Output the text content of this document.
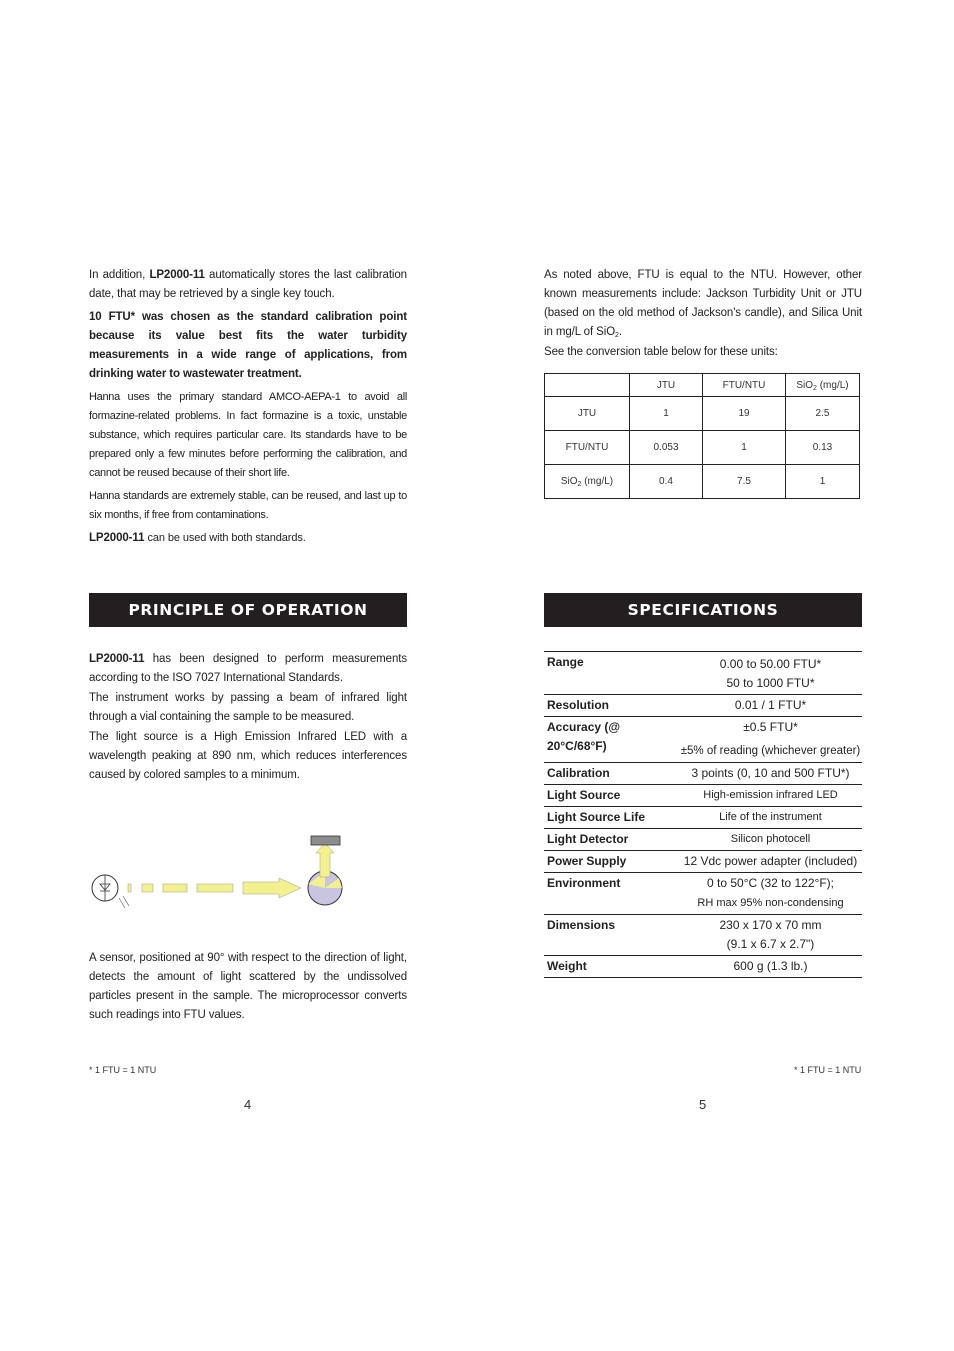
In addition, LP2000-11 automatically stores the last calibration date, that may be retrieved by a single key touch.

10 FTU* was chosen as the standard calibration point because its value best fits the water turbidity measurements in a wide range of applications, from drinking water to wastewater treatment.

Hanna uses the primary standard AMCO-AEPA-1 to avoid all formazine-related problems. In fact formazine is a toxic, unstable substance, which requires particular care. Its standards have to be prepared only a few minutes before performing the calibration, and cannot be reused because of their short life.

Hanna standards are extremely stable, can be reused, and last up to six months, if free from contaminations.

LP2000-11 can be used with both standards.

PRINCIPLE OF OPERATION

LP2000-11 has been designed to perform measurements according to the ISO 7027 International Standards.

The instrument works by passing a beam of infrared light through a vial containing the sample to be measured.

The light source is a High Emission Infrared LED with a wavelength peaking at 890 nm, which reduces interferences caused by colored samples to a minimum.

A sensor, positioned at 90° with respect to the direction of light, detects the amount of light scattered by the undissolved particles present in the sample. The microprocessor converts such readings into FTU values.

* 1 FTU = 1 NTU
4

As noted above, FTU is equal to the NTU. However, other known measurements include: Jackson Turbidity Unit or JTU (based on the old method of Jackson's candle), and Silica Unit in mg/L of SiO$_2$.

See the conversion table below for these units:

	JTU	FTU/NTU	SiO$_2$ (mg/L)
JTU	1	19	2.5
FTU/NTU	0.053	1	0.13
SiO$_2$ (mg/L)	0.4	7.5	1
SPECIFICATIONS
Range	0.00 to 50.00 FTU*
50 to 1000 FTU*
Resolution	0.01 / 1 FTU*
Accuracy (@ 20°C/68°F)	±0.5 FTU*
±5% of reading (whichever greater)
Calibration	3 points (0, 10 and 500 FTU*)
Light Source	High-emission infrared LED
Light Source Life	Life of the instrument
Light Detector	Silicon photocell
Power Supply	12 Vdc power adapter (included)
Environment	0 to 50°C (32 to 122°F);
RH max 95% non-condensing
Dimensions	230 x 170 x 70 mm
(9.1 x 6.7 x 2.7")
Weight	600 g (1.3 lb.)
* 1 FTU = 1 NTU
5
